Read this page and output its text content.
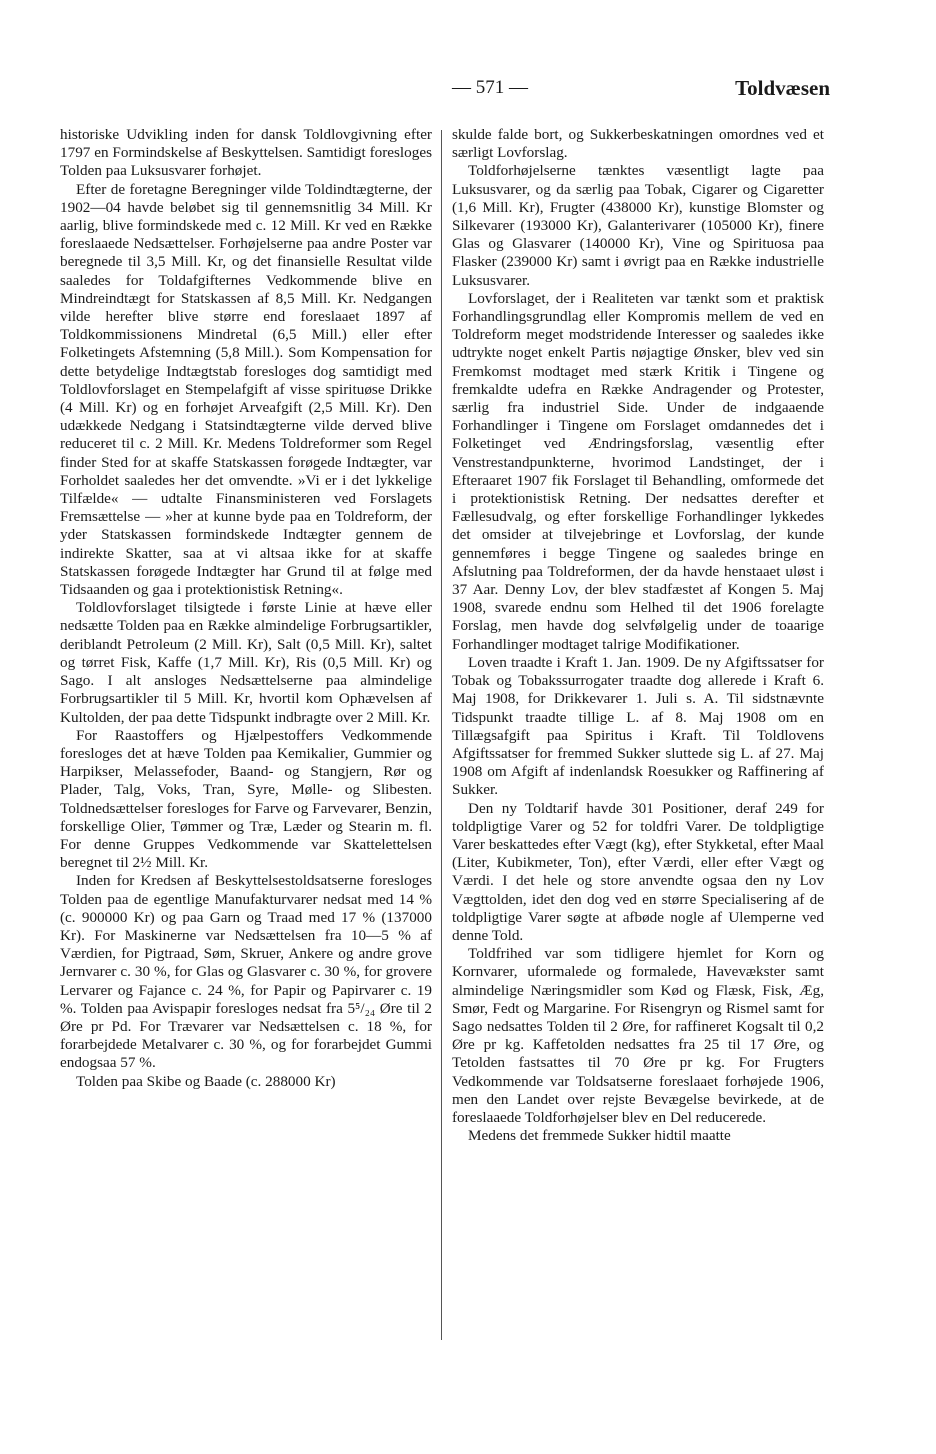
— 571 —	Toldvæsen

historiske Udvikling inden for dansk Toldlovgivning efter 1797 en Formindskelse af Beskyttelsen. Samtidigt foresloges Tolden paa Luksusvarer forhøjet.

Efter de foretagne Beregninger vilde Toldindtægterne, der 1902—04 havde beløbet sig til gennemsnitlig 34 Mill. Kr aarlig, blive formindskede med c. 12 Mill. Kr ved en Række foreslaaede Nedsættelser. Forhøjelserne paa andre Poster var beregnede til 3,5 Mill. Kr, og det finansielle Resultat vilde saaledes for Toldafgifternes Vedkommende blive en Mindreindtægt for Statskassen af 8,5 Mill. Kr. Nedgangen vilde herefter blive større end foreslaaet 1897 af Toldkommissionens Mindretal (6,5 Mill.) eller efter Folketingets Afstemning (5,8 Mill.). Som Kompensation for dette betydelige Indtægtstab foresloges dog samtidigt med Toldlovforslaget en Stempelafgift af visse spirituøse Drikke (4 Mill. Kr) og en forhøjet Arveafgift (2,5 Mill. Kr). Den udækkede Nedgang i Statsindtægterne vilde derved blive reduceret til c. 2 Mill. Kr. Medens Toldreformer som Regel finder Sted for at skaffe Statskassen forøgede Indtægter, var Forholdet saaledes her det omvendte. »Vi er i det lykkelige Tilfælde« — udtalte Finansministeren ved Forslagets Fremsættelse — »her at kunne byde paa en Toldreform, der yder Statskassen formindskede Indtægter gennem de indirekte Skatter, saa at vi altsaa ikke for at skaffe Statskassen forøgede Indtægter har Grund til at følge med Tidsaanden og gaa i protektionistisk Retning«.

Toldlovforslaget tilsigtede i første Linie at hæve eller nedsætte Tolden paa en Række almindelige Forbrugsartikler, deriblandt Petroleum (2 Mill. Kr), Salt (0,5 Mill. Kr), saltet og tørret Fisk, Kaffe (1,7 Mill. Kr), Ris (0,5 Mill. Kr) og Sago. I alt ansloges Nedsættelserne paa almindelige Forbrugsartikler til 5 Mill. Kr, hvortil kom Ophævelsen af Kultolden, der paa dette Tidspunkt indbragte over 2 Mill. Kr.

For Raastoffers og Hjælpestoffers Vedkommende foresloges det at hæve Tolden paa Kemikalier, Gummier og Harpikser, Melassefoder, Baand- og Stangjern, Rør og Plader, Talg, Voks, Tran, Syre, Mølle- og Slibesten. Toldnedsættelser foresloges for Farve og Farvevarer, Benzin, forskellige Olier, Tømmer og Træ, Læder og Stearin m. fl. For denne Gruppes Vedkommende var Skattelettelsen beregnet til 2½ Mill. Kr.

Inden for Kredsen af Beskyttelsestoldsatserne foresloges Tolden paa de egentlige Manufakturvarer nedsat med 14 % (c. 900000 Kr) og paa Garn og Traad med 17 % (137000 Kr). For Maskinerne var Nedsættelsen fra 10—5 % af Værdien, for Pigtraad, Søm, Skruer, Ankere og andre grove Jernvarer c. 30 %, for Glas og Glasvarer c. 30 %, for grovere Lervarer og Fajance c. 24 %, for Papir og Papirvarer c. 19 %. Tolden paa Avispapir foresloges nedsat fra 5⁵/₂₄ Øre til 2 Øre pr Pd. For Trævarer var Nedsættelsen c. 18 %, for forarbejdede Metalvarer c. 30 %, og for forarbejdet Gummi endogsaa 57 %.

Tolden paa Skibe og Baade (c. 288000 Kr)

skulde falde bort, og Sukkerbeskatningen omordnes ved et særligt Lovforslag.

Toldforhøjelserne tænktes væsentligt lagte paa Luksusvarer, og da særlig paa Tobak, Cigarer og Cigaretter (1,6 Mill. Kr), Frugter (438000 Kr), kunstige Blomster og Silkevarer (193000 Kr), Galanterivarer (105000 Kr), finere Glas og Glasvarer (140000 Kr), Vine og Spirituosa paa Flasker (239000 Kr) samt i øvrigt paa en Række industrielle Luksusvarer.

Lovforslaget, der i Realiteten var tænkt som et praktisk Forhandlingsgrundlag eller Kompromis mellem de ved en Toldreform meget modstridende Interesser og saaledes ikke udtrykte noget enkelt Partis nøjagtige Ønsker, blev ved sin Fremkomst modtaget med stærk Kritik i Tingene og fremkaldte udefra en Række Andragender og Protester, særlig fra industriel Side. Under de indgaaende Forhandlinger i Tingene om Forslaget omdannedes det i Folketinget ved Ændringsforslag, væsentlig efter Venstrestandpunkterne, hvorimod Landstinget, der i Efteraaret 1907 fik Forslaget til Behandling, omformede det i protektionistisk Retning. Der nedsattes derefter et Fællesudvalg, og efter forskellige Forhandlinger lykkedes det omsider at tilvejebringe et Lovforslag, der kunde gennemføres i begge Tingene og saaledes bringe en Afslutning paa Toldreformen, der da havde henstaaet uløst i 37 Aar. Denny Lov, der blev stadfæstet af Kongen 5. Maj 1908, svarede endnu som Helhed til det 1906 forelagte Forslag, men havde dog selvfølgelig under de toaarige Forhandlinger modtaget talrige Modifikationer.

Loven traadte i Kraft 1. Jan. 1909. De ny Afgiftssatser for Tobak og Tobakssurrogater traadte dog allerede i Kraft 6. Maj 1908, for Drikkevarer 1. Juli s. A. Til sidstnævnte Tidspunkt traadte tillige L. af 8. Maj 1908 om en Tillægsafgift paa Spiritus i Kraft. Til Toldlovens Afgiftssatser for fremmed Sukker sluttede sig L. af 27. Maj 1908 om Afgift af indenlandsk Roesukker og Raffinering af Sukker.

Den ny Toldtarif havde 301 Positioner, deraf 249 for toldpligtige Varer og 52 for toldfri Varer. De toldpligtige Varer beskattedes efter Vægt (kg), efter Stykketal, efter Maal (Liter, Kubikmeter, Ton), efter Værdi, eller efter Vægt og Værdi. I det hele og store anvendte ogsaa den ny Lov Vægttolden, idet den dog ved en større Specialisering af de toldpligtige Varer søgte at afbøde nogle af Ulemperne ved denne Told.

Toldfrihed var som tidligere hjemlet for Korn og Kornvarer, uformalede og formalede, Havevækster samt almindelige Næringsmidler som Kød og Flæsk, Fisk, Æg, Smør, Fedt og Margarine. For Risengryn og Rismel samt for Sago nedsattes Tolden til 2 Øre, for raffineret Kogsalt til 0,2 Øre pr kg. Kaffetolden nedsattes fra 25 til 17 Øre, og Tetolden fastsattes til 70 Øre pr kg. For Frugters Vedkommende var Toldsatserne foreslaaet forhøjede 1906, men den Landet over rejste Bevægelse bevirkede, at de foreslaaede Toldforhøjelser blev en Del reducerede.

Medens det fremmede Sukker hidtil maatte
